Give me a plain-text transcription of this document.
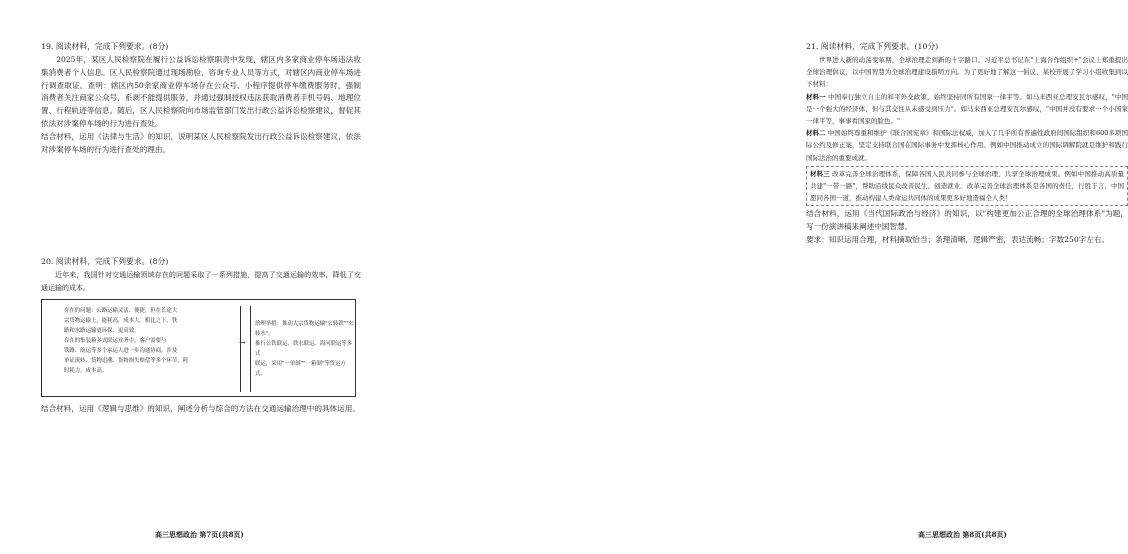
19. 阅读材料，完成下列要求。(8分)

2025年，某区人民检察院在履行公益诉讼检察职责中发现，辖区内多家商业停车场违法收集消费者个人信息。区人民检察院通过现场勘验、咨询专业人员等方式，对辖区内商业停车场进行调查取证。查明：辖区内50余家商业停车场存在公众号、小程序提供停车缴费服务时，强制消费者关注商家公众号，系剥不能提供服务，并通过强制授权违法获取消费者手机号码、地理位置、行程轨迹等信息。随后，区人民检察院向市场监管部门发出行政公益诉讼检察建议，督促其依法对涉案停车场的行为进行查处。

结合材料，运用《法律与生活》的知识，说明某区人民检察院发出行政公益诉讼检察建议，依法对涉案停车场的行为进行查处的理由。

20. 阅读材料，完成下列要求。(8分)

近年来，我国针对交通运输领域存在的问题采取了一系列措施，提高了交通运输的效率，降低了交通运输的成本。

存在的问题：公路运输灵活、便捷，但在长途大
宗货物运输上，能耗高，成本大。相比之下，铁
路和水路运输更环保、更高效。
存在的集装箱多式联运业务中，客户需要与
铁路、航运等多个承运人进一步沟通协商，涉及
单证流转、货物追溯、货物损失赔偿等多个环节，耗
时耗力，成本高。
→

治理举措：推动大宗货物运输"公转铁""公

转水"。

推行公铁联运、铁水联运、海河联运等多式

联运，采用"一单制""一箱制"等货运方式。

结合材料，运用《逻辑与思维》的知识，阐述分析与综合的方法在交通运输治理中的具体运用。

高三思想政治 第7页(共8页)
21. 阅读材料，完成下列要求。(10分)

世界进入新的动荡变革期，全球治理走到新的十字路口。习近平总书记在"上海合作组织+"会议上郑重提出全球治理倡议，以中国智慧为全球治理建设指明方向。为了更好地了解这一倡议，某校开展了学习小组收集到以下材料：

材料一 中国奉行独立自主的和平外交政策，始终坚持同所有国家一律平等。如马来西亚总理安瓦尔感叹，"中国是一个强大的经济体，但与其交往从未感受到压力"。如马来西亚总理安瓦尔感叹，"中国并没有要求一个小国家一律平等，事事看国家的脸色。"

材料二 中国始终尊重和维护《联合国宪章》和国际法权威，加入了几乎所有普遍性政府间国际组织和600多项国际公约及修正案，坚定支持联合国在国际事务中发挥核心作用。例如中国推动成立的国际调解院就是维护和践行国际法治的重要成就。

材料三 改革完善全球治理体系，保障各国人民共同参与全球治理，共享全球治理成果。例如中国推动高质量共建"一带一路"，帮助沿线民众改善民生、创造就业。改革完善全球治理体系是各国的责任，行胜于言，中国愿同各国一道，推动构建人类命运共同体的成果更多好地造福全人类！

结合材料，运用《当代国际政治与经济》的知识，以"构建更加公正合理的全球治理体系"为题，写一份演讲稿来阐述中国智慧。

要求：知识运用合理，材料摘取恰当；条理清晰，逻辑严密，表达流畅；字数250字左右。

高三思想政治 第8页(共8页)
